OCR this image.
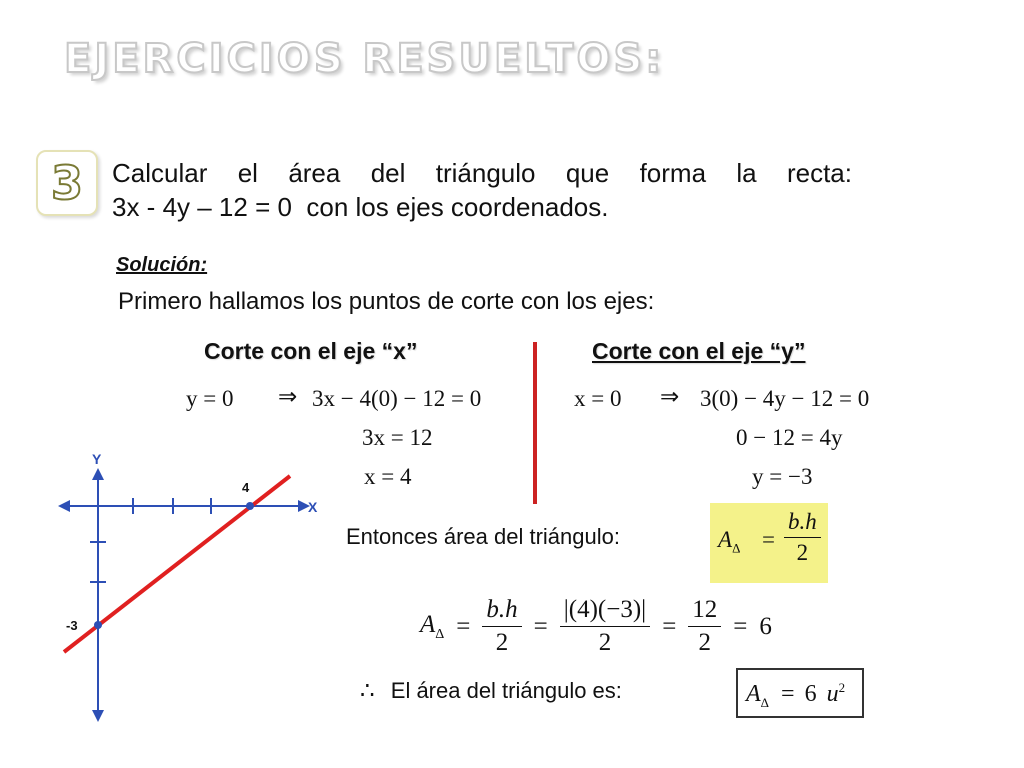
EJERCICIOS RESUELTOS:
3	Calcular el área del triángulo que forma la recta:
3x - 4y – 12 = 0  con los ejes coordenados.
Solución:
Primero hallamos los puntos de corte con los ejes:
Corte con el eje “x”	Corte con el eje “y”
y = 0 ⇒ 3x − 4(0) − 12 = 0
3x = 12
x = 4
x = 0 ⇒ 3(0) − 4y − 12 = 0
0 − 12 = 4y
y = −3
Entonces área del triángulo:	$A_\Delta = \frac{b.h}{2}$
$A_\Delta = \frac{b.h}{2} = \frac{|(4)(-3)|}{2} = \frac{12}{2} = 6$
∴ El área del triángulo es:	$A_\Delta = 6$ $u^2$
Y
X
4
-3
